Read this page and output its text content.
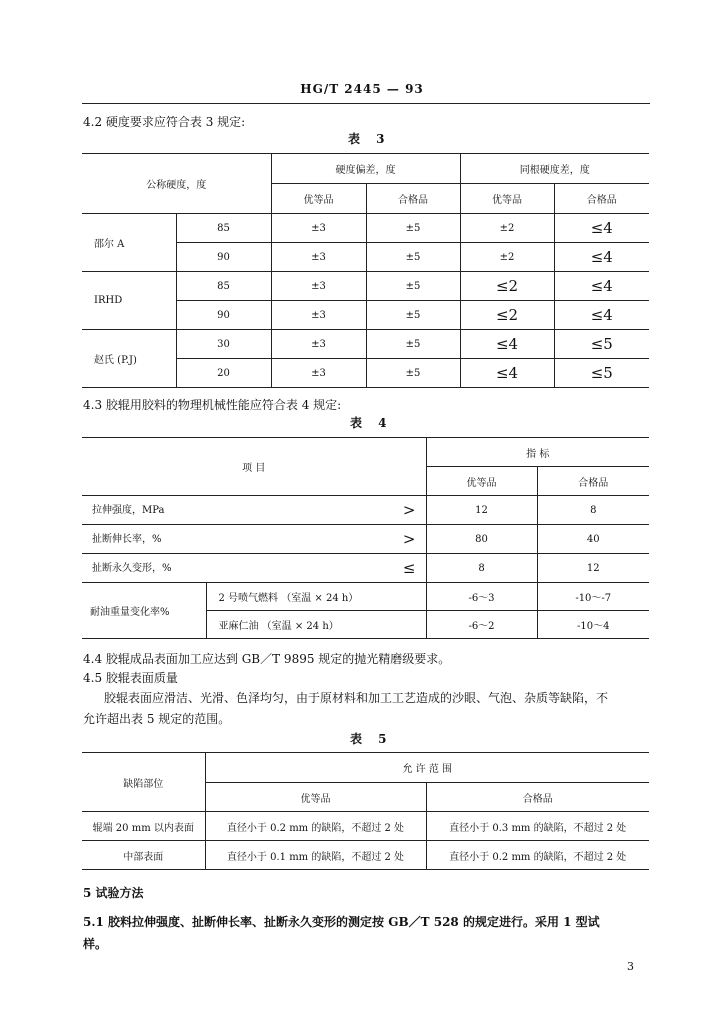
HG/T 2445 — 93
4.2 硬度要求应符合表 3 规定:
表 3
公称硬度，度		硬度偏差，度		同根硬度差，度	
		优等品	合格品	优等品	合格品
邵尔 A	85	±3	±5	±2	≤4
	90	±3	±5	±2	≤4
IRHD	85	±3	±5	≤2	≤4
	90	±3	±5	≤2	≤4
赵氏 (P.J)	30	±3	±5	≤4	≤5
	20	±3	±5	≤4	≤5
4.3 胶辊用胶料的物理机械性能应符合表 4 规定:
表 4
项 目		指 标	
		优等品	合格品

拉伸强度，MPa >		12	8

扯断伸长率，% >		80	40

扯断永久变形，% ≤		8	12
耐油重量变化率%	2 号喷气燃料 （室温 × 24 h）	-6～3	-10～-7
	亚麻仁油 （室温 × 24 h）	-6～2	-10～4
4.4 胶辊成品表面加工应达到 GB／T 9895 规定的抛光精磨级要求。
4.5 胶辊表面质量
胶辊表面应滑洁、光滑、色泽均匀，由于原材料和加工工艺造成的沙眼、气泡、杂质等缺陷，不
允许超出表 5 规定的范围。
表 5
缺陷部位	允 许 范 围	
	优等品	合格品
辊端 20 mm 以内表面	直径小于 0.2 mm 的缺陷，不超过 2 处	直径小于 0.3 mm 的缺陷，不超过 2 处
中部表面	直径小于 0.1 mm 的缺陷，不超过 2 处	直径小于 0.2 mm 的缺陷，不超过 2 处
5 试验方法
5.1 胶料拉伸强度、扯断伸长率、扯断永久变形的测定按 GB／T 528 的规定进行。采用 1 型试
样。
3
